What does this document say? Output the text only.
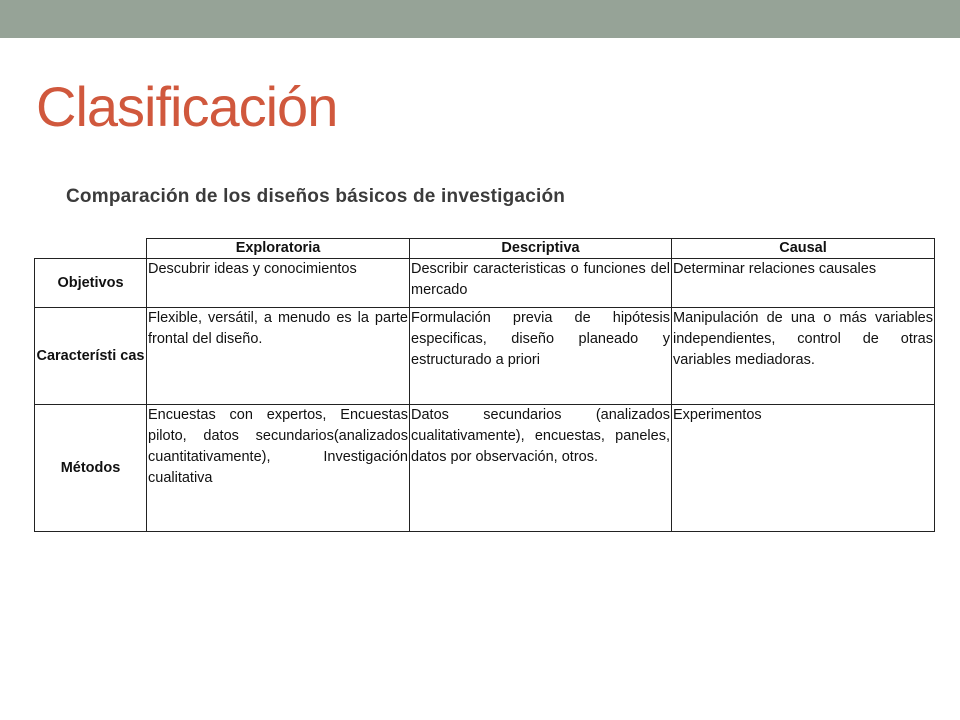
Clasificación
Comparación de los diseños básicos de investigación
	Exploratoria	Descriptiva	Causal
Objetivos	Descubrir ideas y conocimientos	Describir caracteristicas o funciones del mercado	Determinar relaciones causales
Característi cas	Flexible, versátil, a menudo es la parte frontal del diseño.	Formulación previa de hipótesis especificas, diseño planeado y estructurado a priori	Manipulación de una o más variables independientes, control de otras variables mediadoras.
Métodos	Encuestas con expertos, Encuestas piloto, datos secundarios(analizados cuantitativamente), Investigación cualitativa	Datos secundarios (analizados cualitativamente), encuestas, paneles, datos por observación, otros.	Experimentos
